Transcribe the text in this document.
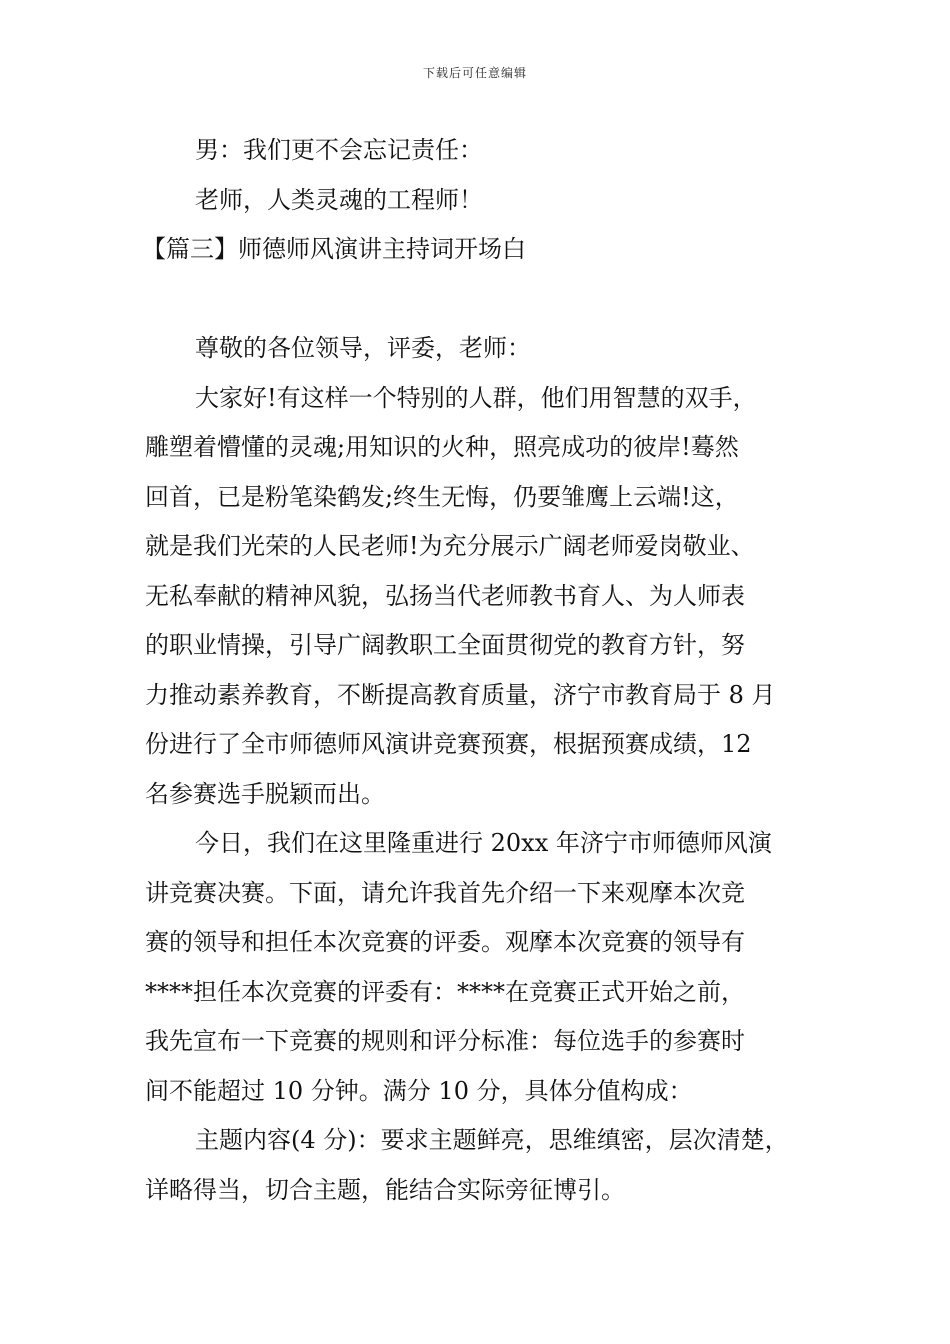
下载后可任意编辑
男：我们更不会忘记责任：
老师，人类灵魂的工程师！
【篇三】师德师风演讲主持词开场白
尊敬的各位领导，评委，老师：
大家好!有这样一个特别的人群，他们用智慧的双手，
雕塑着懵懂的灵魂;用知识的火种，照亮成功的彼岸!蓦然
回首，已是粉笔染鹤发;终生无悔，仍要雏鹰上云端!这，
就是我们光荣的人民老师!为充分展示广阔老师爱岗敬业、
无私奉献的精神风貌，弘扬当代老师教书育人、为人师表
的职业情操，引导广阔教职工全面贯彻党的教育方针，努
力推动素养教育，不断提高教育质量，济宁市教育局于 8 月
份进行了全市师德师风演讲竞赛预赛，根据预赛成绩，12
名参赛选手脱颖而出。
今日，我们在这里隆重进行 20xx 年济宁市师德师风演
讲竞赛决赛。下面，请允许我首先介绍一下来观摩本次竞
赛的领导和担任本次竞赛的评委。观摩本次竞赛的领导有
****担任本次竞赛的评委有：****在竞赛正式开始之前，
我先宣布一下竞赛的规则和评分标准：每位选手的参赛时
间不能超过 10 分钟。满分 10 分，具体分值构成：
主题内容(4 分)：要求主题鲜亮，思维缜密，层次清楚，
详略得当，切合主题，能结合实际旁征博引。
